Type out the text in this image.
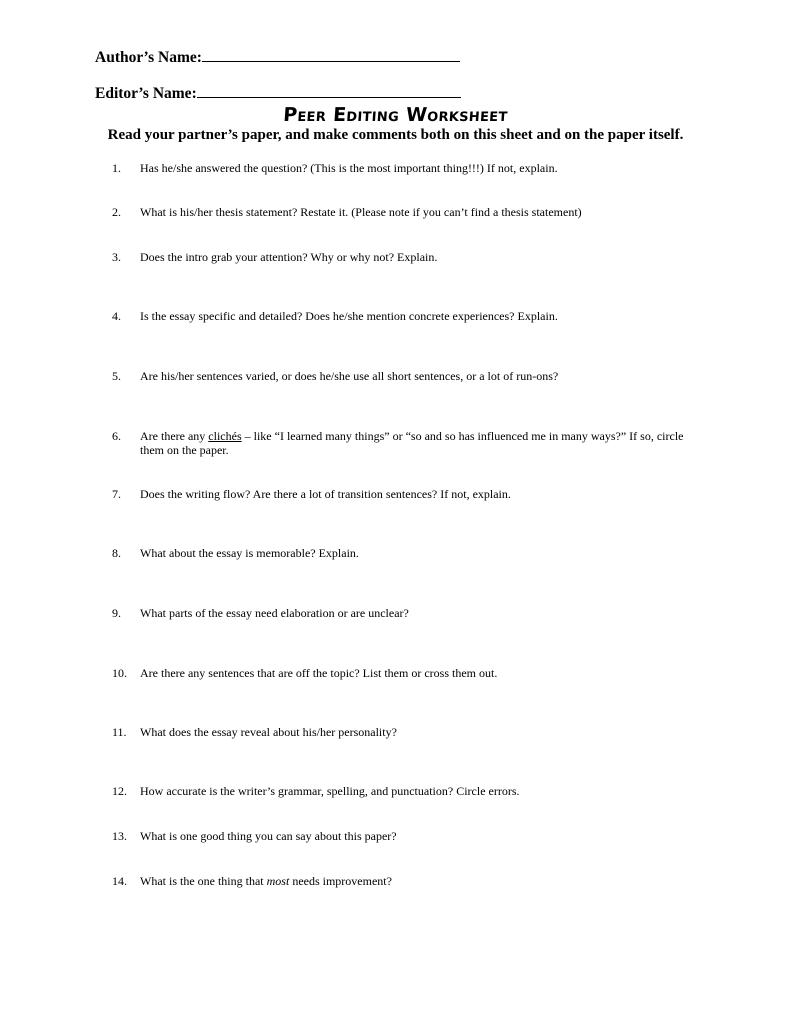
Author’s Name:
Editor’s Name:
Peer Editing Worksheet
Read your partner’s paper, and make comments both on this sheet and on the paper itself.
1. Has he/she answered the question? (This is the most important thing!!!) If not, explain.
2. What is his/her thesis statement? Restate it. (Please note if you can’t find a thesis statement)
3. Does the intro grab your attention? Why or why not? Explain.
4. Is the essay specific and detailed? Does he/she mention concrete experiences? Explain.
5. Are his/her sentences varied, or does he/she use all short sentences, or a lot of run-ons?
6. Are there any clichés – like “I learned many things” or “so and so has influenced me in many ways?” If so, circle them on the paper.
7. Does the writing flow? Are there a lot of transition sentences? If not, explain.
8. What about the essay is memorable? Explain.
9. What parts of the essay need elaboration or are unclear?
10. Are there any sentences that are off the topic? List them or cross them out.
11. What does the essay reveal about his/her personality?
12. How accurate is the writer’s grammar, spelling, and punctuation? Circle errors.
13. What is one good thing you can say about this paper?
14. What is the one thing that most needs improvement?
